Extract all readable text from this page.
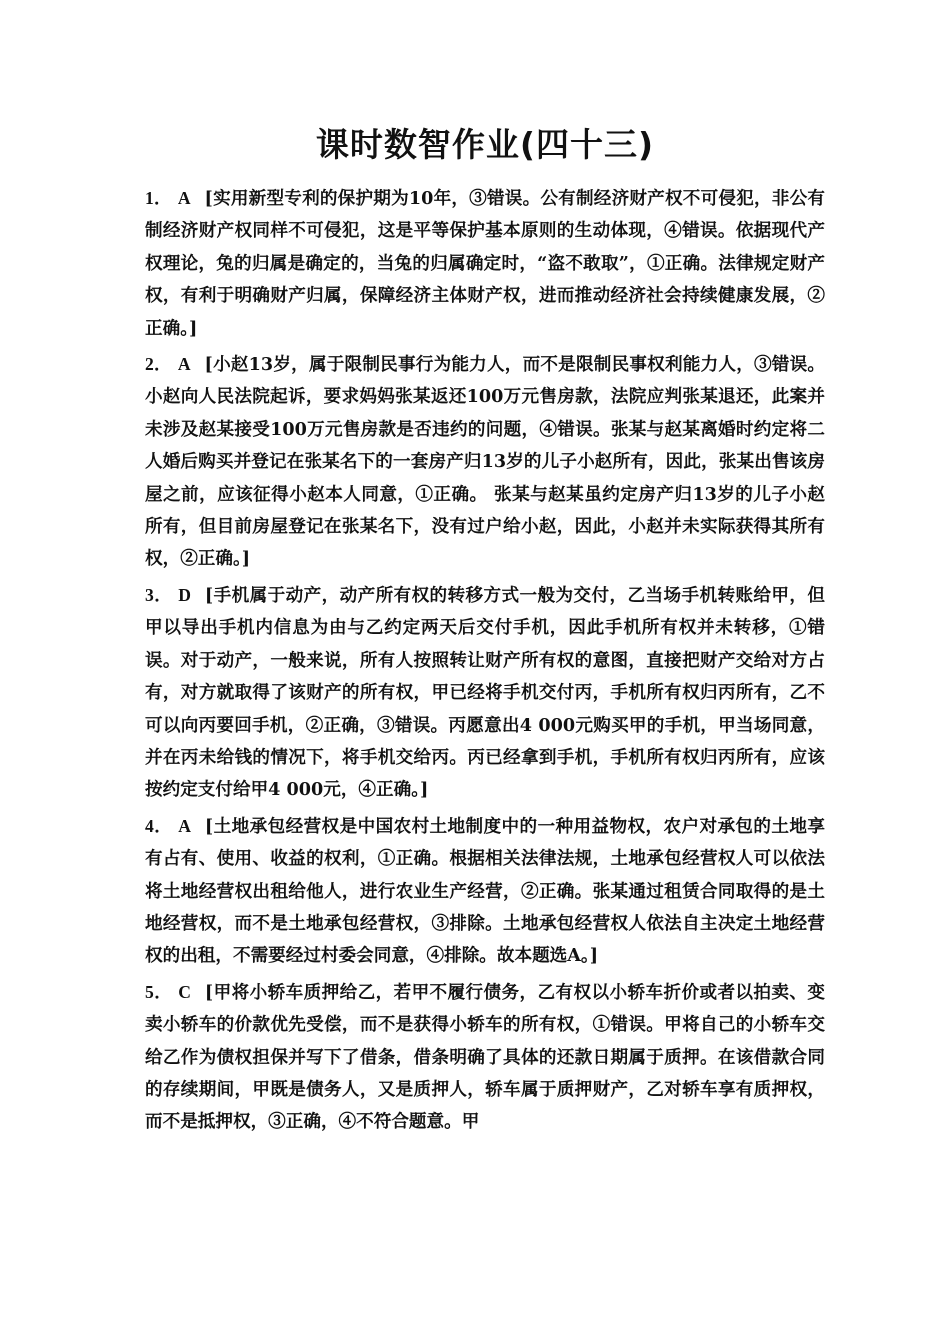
课时数智作业(四十三)

1． A [实用新型专利的保护期为10年，③错误。公有制经济财产权不可侵犯，非公有制经济财产权同样不可侵犯，这是平等保护基本原则的生动体现，④错误。依据现代产权理论，兔的归属是确定的，当兔的归属确定时，“盗不敢取”，①正确。法律规定财产权，有利于明确财产归属，保障经济主体财产权，进而推动经济社会持续健康发展，②正确。]

2． A [小赵13岁，属于限制民事行为能力人，而不是限制民事权利能力人，③错误。小赵向人民法院起诉，要求妈妈张某返还100万元售房款，法院应判张某退还，此案并未涉及赵某接受100万元售房款是否违约的问题，④错误。张某与赵某离婚时约定将二人婚后购买并登记在张某名下的一套房产归13岁的儿子小赵所有，因此，张某出售该房屋之前，应该征得小赵本人同意，①正确。 张某与赵某虽约定房产归13岁的儿子小赵所有，但目前房屋登记在张某名下，没有过户给小赵，因此，小赵并未实际获得其所有权，②正确。]

3． D [手机属于动产，动产所有权的转移方式一般为交付，乙当场手机转账给甲，但甲以导出手机内信息为由与乙约定两天后交付手机，因此手机所有权并未转移，①错误。对于动产，一般来说，所有人按照转让财产所有权的意图，直接把财产交给对方占有，对方就取得了该财产的所有权，甲已经将手机交付丙，手机所有权归丙所有，乙不可以向丙要回手机，②正确，③错误。丙愿意出4 000元购买甲的手机，甲当场同意，并在丙未给钱的情况下，将手机交给丙。丙已经拿到手机，手机所有权归丙所有，应该按约定支付给甲4 000元，④正确。]

4． A [土地承包经营权是中国农村土地制度中的一种用益物权，农户对承包的土地享有占有、使用、收益的权利，①正确。根据相关法律法规，土地承包经营权人可以依法将土地经营权出租给他人，进行农业生产经营，②正确。张某通过租赁合同取得的是土地经营权，而不是土地承包经营权，③排除。土地承包经营权人依法自主决定土地经营权的出租，不需要经过村委会同意，④排除。故本题选A。]

5． C [甲将小轿车质押给乙，若甲不履行债务，乙有权以小轿车折价或者以拍卖、变卖小轿车的价款优先受偿，而不是获得小轿车的所有权，①错误。甲将自己的小轿车交给乙作为债权担保并写下了借条，借条明确了具体的还款日期属于质押。在该借款合同的存续期间，甲既是债务人，又是质押人，轿车属于质押财产，乙对轿车享有质押权，而不是抵押权，③正确，④不符合题意。甲
